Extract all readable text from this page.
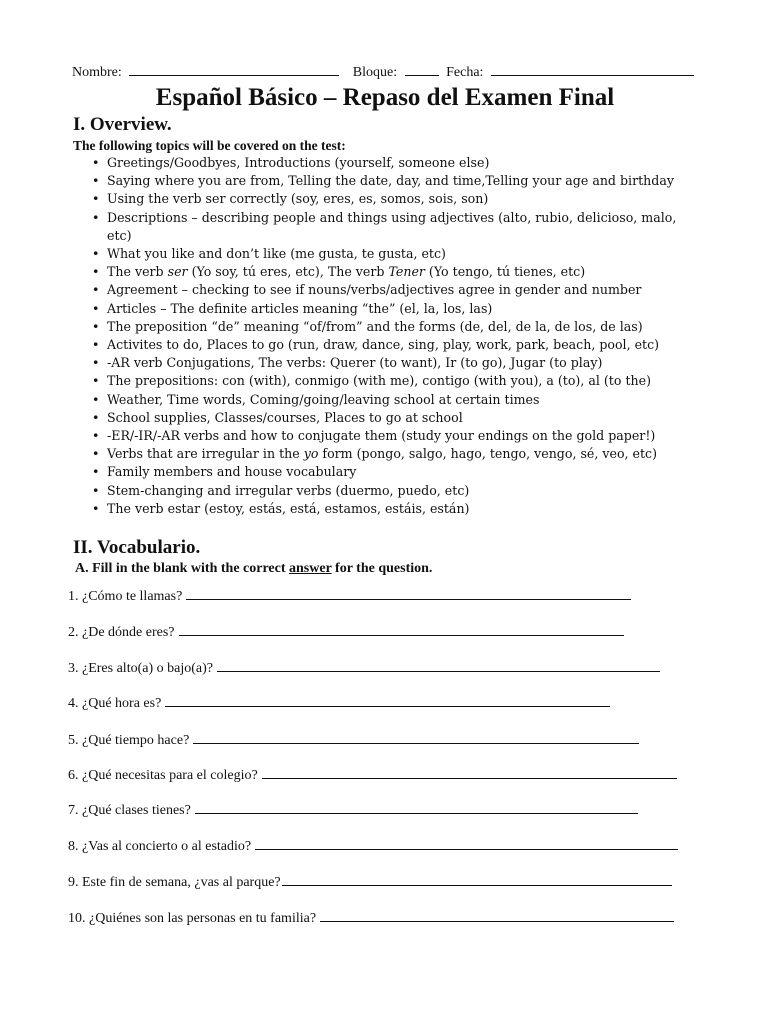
Nombre:	Bloque:	Fecha:
Español Básico – Repaso del Examen Final
I. Overview.
The following topics will be covered on the test:
• Greetings/Goodbyes, Introductions (yourself, someone else)
• Saying where you are from, Telling the date, day, and time,Telling your age and birthday
• Using the verb ser correctly (soy, eres, es, somos, sois, son)
• Descriptions – describing people and things using adjectives (alto, rubio, delicioso, malo, etc)
• What you like and don’t like (me gusta, te gusta, etc)
• The verb ser (Yo soy, tú eres, etc), The verb Tener (Yo tengo, tú tienes, etc)
• Agreement – checking to see if nouns/verbs/adjectives agree in gender and number
• Articles – The definite articles meaning “the” (el, la, los, las)
• The preposition “de” meaning “of/from” and the forms (de, del, de la, de los, de las)
• Activites to do, Places to go (run, draw, dance, sing, play, work, park, beach, pool, etc)
• -AR verb Conjugations, The verbs: Querer (to want), Ir (to go), Jugar (to play)
• The prepositions: con (with), conmigo (with me), contigo (with you), a (to), al (to the)
• Weather, Time words, Coming/going/leaving school at certain times
• School supplies, Classes/courses, Places to go at school
• -ER/-IR/-AR verbs and how to conjugate them (study your endings on the gold paper!)
• Verbs that are irregular in the yo form (pongo, salgo, hago, tengo, vengo, sé, veo, etc)
• Family members and house vocabulary
• Stem-changing and irregular verbs (duermo, puedo, etc)
• The verb estar (estoy, estás, está, estamos, estáis, están)
II. Vocabulario.
A. Fill in the blank with the correct answer for the question.
1. ¿Cómo te llamas?
2. ¿De dónde eres?
3. ¿Eres alto(a) o bajo(a)?
4. ¿Qué hora es?
5. ¿Qué tiempo hace?
6. ¿Qué necesitas para el colegio?
7. ¿Qué clases tienes?
8. ¿Vas al concierto o al estadio?
9. Este fin de semana, ¿vas al parque?
10. ¿Quiénes son las personas en tu familia?
